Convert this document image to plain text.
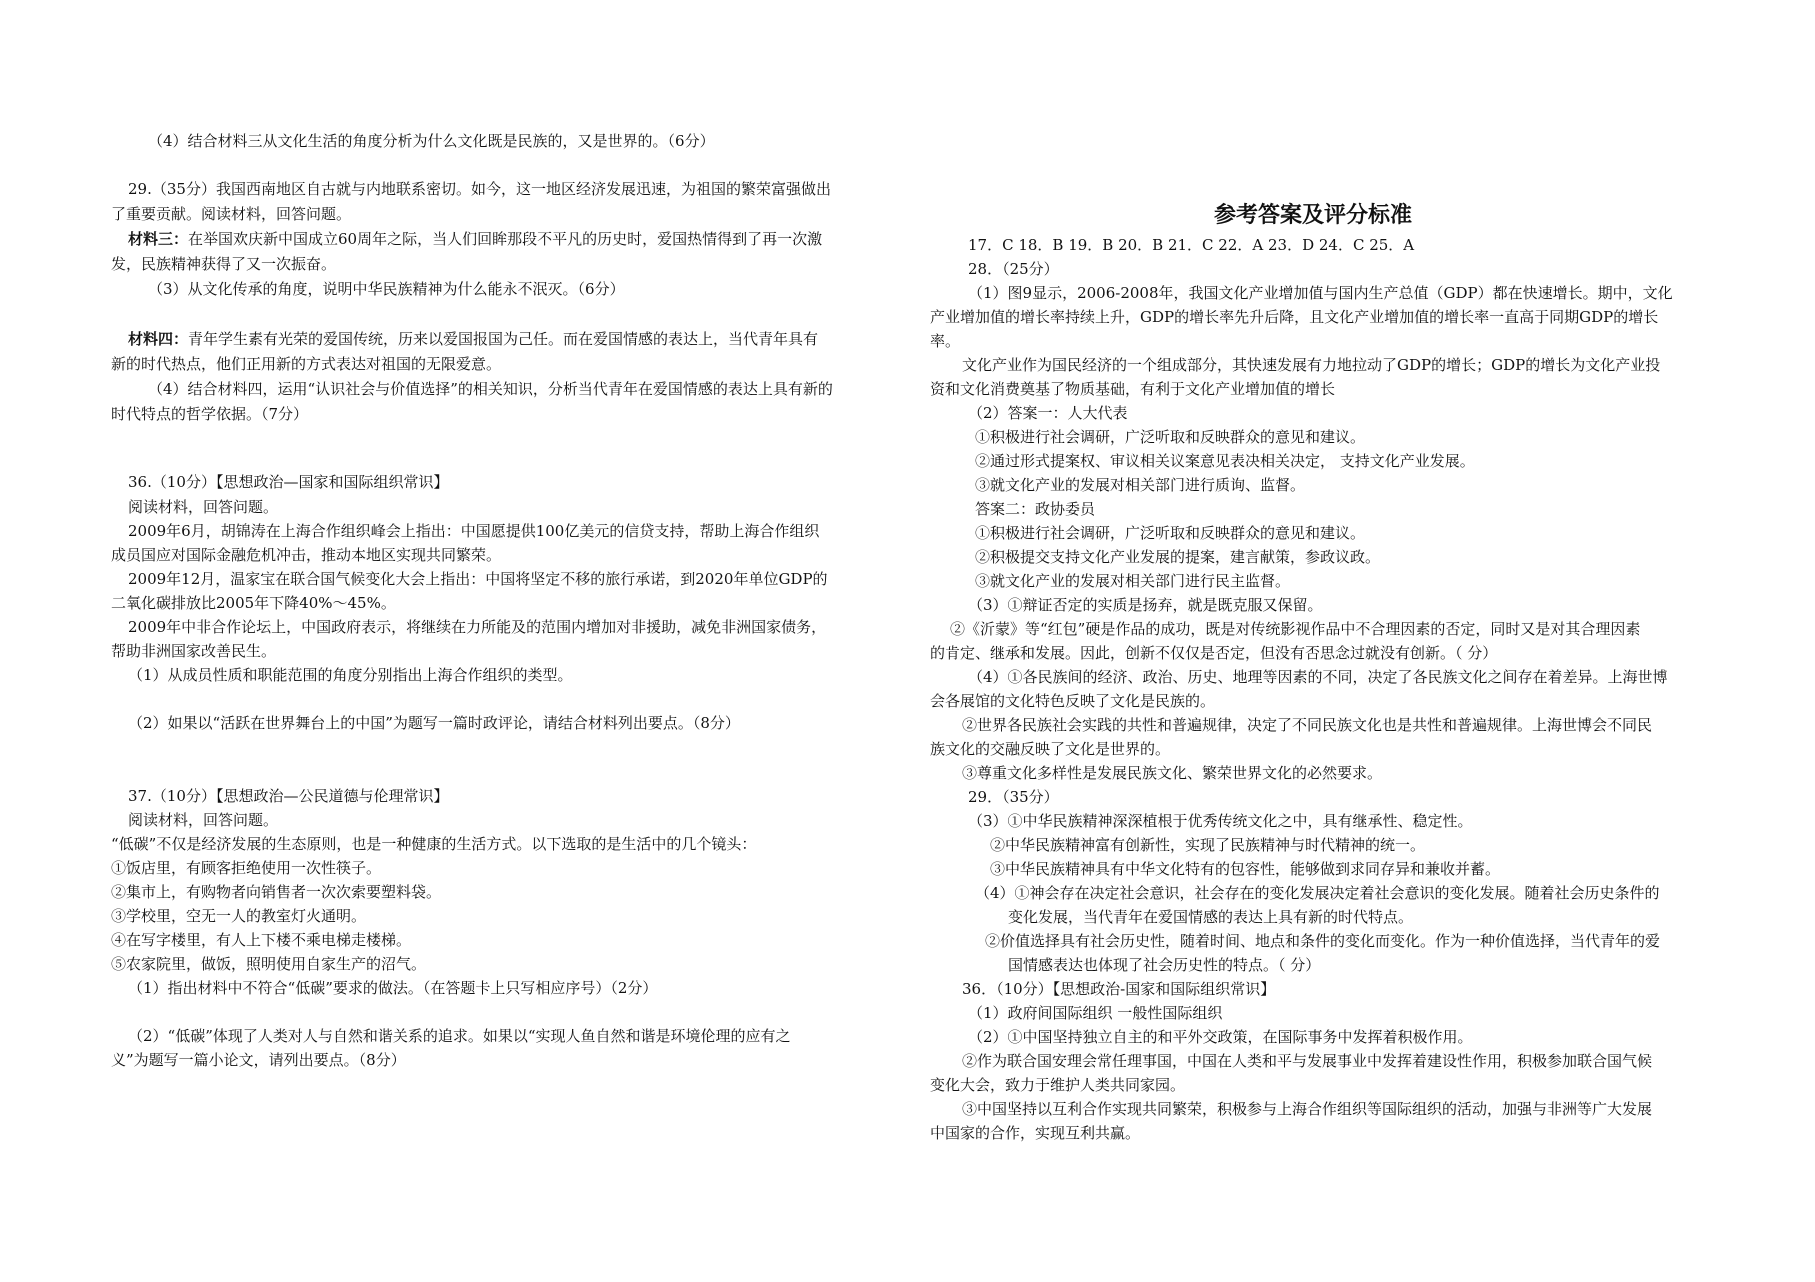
（4）结合材料三从文化生活的角度分析为什么文化既是民族的，又是世界的。（6分）
29.（35分）我国西南地区自古就与内地联系密切。如今，这一地区经济发展迅速，为祖国的繁荣富强做出
了重要贡献。阅读材料，回答问题。
材料三：在举国欢庆新中国成立60周年之际，当人们回眸那段不平凡的历史时，爱国热情得到了再一次激
发，民族精神获得了又一次振奋。
（3）从文化传承的角度，说明中华民族精神为什么能永不泯灭。（6分）
材料四：青年学生素有光荣的爱国传统，历来以爱国报国为己任。而在爱国情感的表达上，当代青年具有
新的时代热点，他们正用新的方式表达对祖国的无限爱意。
（4）结合材料四，运用“认识社会与价值选择”的相关知识，分析当代青年在爱国情感的表达上具有新的
时代特点的哲学依据。（7分）
36.（10分）【思想政治—国家和国际组织常识】
阅读材料，回答问题。
2009年6月，胡锦涛在上海合作组织峰会上指出：中国愿提供100亿美元的信贷支持，帮助上海合作组织
成员国应对国际金融危机冲击，推动本地区实现共同繁荣。
2009年12月，温家宝在联合国气候变化大会上指出：中国将坚定不移的旅行承诺，到2020年单位GDP的
二氧化碳排放比2005年下降40%～45%。
2009年中非合作论坛上，中国政府表示，将继续在力所能及的范围内增加对非援助，减免非洲国家债务，
帮助非洲国家改善民生。
（1）从成员性质和职能范围的角度分别指出上海合作组织的类型。
（2）如果以“活跃在世界舞台上的中国”为题写一篇时政评论，请结合材料列出要点。（8分）
37.（10分）【思想政治—公民道德与伦理常识】
阅读材料，回答问题。
“低碳”不仅是经济发展的生态原则，也是一种健康的生活方式。以下选取的是生活中的几个镜头：
①饭店里，有顾客拒绝使用一次性筷子。
②集市上，有购物者向销售者一次次索要塑料袋。
③学校里，空无一人的教室灯火通明。
④在写字楼里，有人上下楼不乘电梯走楼梯。
⑤农家院里，做饭，照明使用自家生产的沼气。
（1）指出材料中不符合“低碳”要求的做法。（在答题卡上只写相应序号）（2分）
（2）“低碳”体现了人类对人与自然和谐关系的追求。如果以“实现人鱼自然和谐是环境伦理的应有之
义”为题写一篇小论文，请列出要点。（8分）
参考答案及评分标准
17．C 18．B 19．B 20．B 21．C 22．A 23．D 24．C 25．A
28．（25分）
（1）图9显示，2006-2008年，我国文化产业增加值与国内生产总值（GDP）都在快速增长。期中，文化
产业增加值的增长率持续上升，GDP的增长率先升后降，且文化产业增加值的增长率一直高于同期GDP的增长
率。
文化产业作为国民经济的一个组成部分，其快速发展有力地拉动了GDP的增长；GDP的增长为文化产业投
资和文化消费奠基了物质基础，有利于文化产业增加值的增长
（2）答案一：人大代表
①积极进行社会调研，广泛听取和反映群众的意见和建议。
②通过形式提案权、审议相关议案意见表决相关决定， 支持文化产业发展。
③就文化产业的发展对相关部门进行质询、监督。
答案二：政协委员
①积极进行社会调研，广泛听取和反映群众的意见和建议。
②积极提交支持文化产业发展的提案，建言献策，参政议政。
③就文化产业的发展对相关部门进行民主监督。
（3）①辩证否定的实质是扬弃，就是既克服又保留。
②《沂蒙》等“红包”硬是作品的成功，既是对传统影视作品中不合理因素的否定，同时又是对其合理因素
的肯定、继承和发展。因此，创新不仅仅是否定，但没有否思念过就没有创新。（ 分）
（4）①各民族间的经济、政治、历史、地理等因素的不同，决定了各民族文化之间存在着差异。上海世博
会各展馆的文化特色反映了文化是民族的。
②世界各民族社会实践的共性和普遍规律，决定了不同民族文化也是共性和普遍规律。上海世博会不同民
族文化的交融反映了文化是世界的。
③尊重文化多样性是发展民族文化、繁荣世界文化的必然要求。
29．（35分）
（3）①中华民族精神深深植根于优秀传统文化之中，具有继承性、稳定性。
②中华民族精神富有创新性，实现了民族精神与时代精神的统一。
③中华民族精神具有中华文化特有的包容性，能够做到求同存异和兼收并蓄。
（4）①神会存在决定社会意识，社会存在的变化发展决定着社会意识的变化发展。随着社会历史条件的
变化发展，当代青年在爱国情感的表达上具有新的时代特点。
②价值选择具有社会历史性，随着时间、地点和条件的变化而变化。作为一种价值选择，当代青年的爱
国情感表达也体现了社会历史性的特点。（ 分）
36．（10分）【思想政治-国家和国际组织常识】
（1）政府间国际组织 一般性国际组织
（2）①中国坚持独立自主的和平外交政策，在国际事务中发挥着积极作用。
②作为联合国安理会常任理事国，中国在人类和平与发展事业中发挥着建设性作用，积极参加联合国气候
变化大会，致力于维护人类共同家园。
③中国坚持以互利合作实现共同繁荣，积极参与上海合作组织等国际组织的活动，加强与非洲等广大发展
中国家的合作，实现互利共赢。
